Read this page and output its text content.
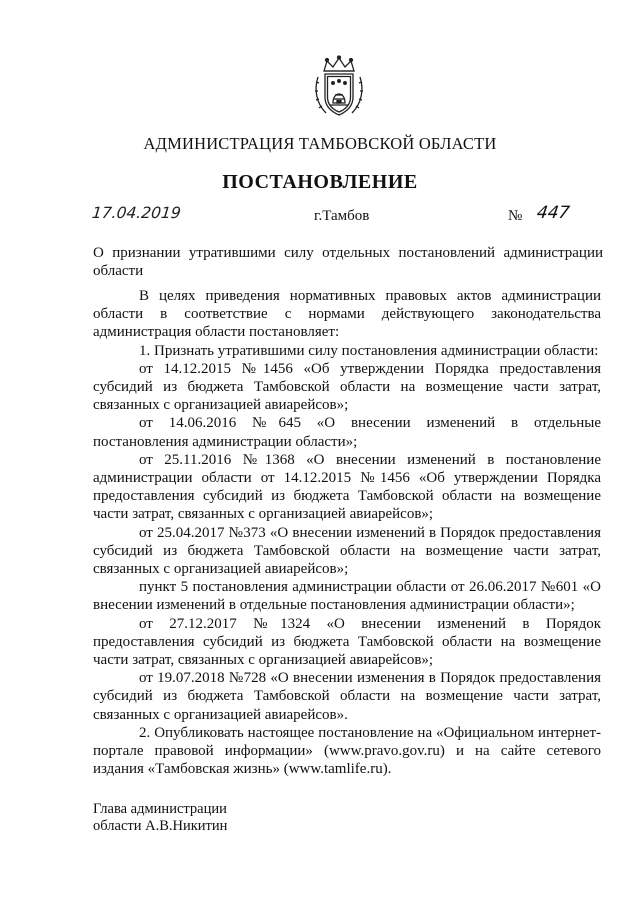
АДМИНИСТРАЦИЯ ТАМБОВСКОЙ ОБЛАСТИ
ПОСТАНОВЛЕНИЕ
17.04.2019	г.Тамбов	№ 447
О признании утратившими силу отдельных постановлений администрации области

В целях приведения нормативных правовых актов администрации области в соответствие с нормами действующего законодательства администрация области постановляет:

1. Признать утратившими силу постановления администрации области:

от 14.12.2015 №1456 «Об утверждении Порядка предоставления субсидий из бюджета Тамбовской области на возмещение части затрат, связанных с организацией авиарейсов»;

от 14.06.2016 №645 «О внесении изменений в отдельные постановления администрации области»;

от 25.11.2016 №1368 «О внесении изменений в постановление администрации области от 14.12.2015 №1456 «Об утверждении Порядка предоставления субсидий из бюджета Тамбовской области на возмещение части затрат, связанных с организацией авиарейсов»;

от 25.04.2017 №373 «О внесении изменений в Порядок предоставления субсидий из бюджета Тамбовской области на возмещение части затрат, связанных с организацией авиарейсов»;

пункт 5 постановления администрации области от 26.06.2017 №601 «О внесении изменений в отдельные постановления администрации области»;

от 27.12.2017 №1324 «О внесении изменений в Порядок предоставления субсидий из бюджета Тамбовской области на возмещение части затрат, связанных с организацией авиарейсов»;

от 19.07.2018 №728 «О внесении изменения в Порядок предоставления субсидий из бюджета Тамбовской области на возмещение части затрат, связанных с организацией авиарейсов».

2. Опубликовать настоящее постановление на «Официальном интернет-портале правовой информации» (www.pravo.gov.ru) и на сайте сетевого издания «Тамбовская жизнь» (www.tamlife.ru).

Глава администрации
области А.В.Никитин
